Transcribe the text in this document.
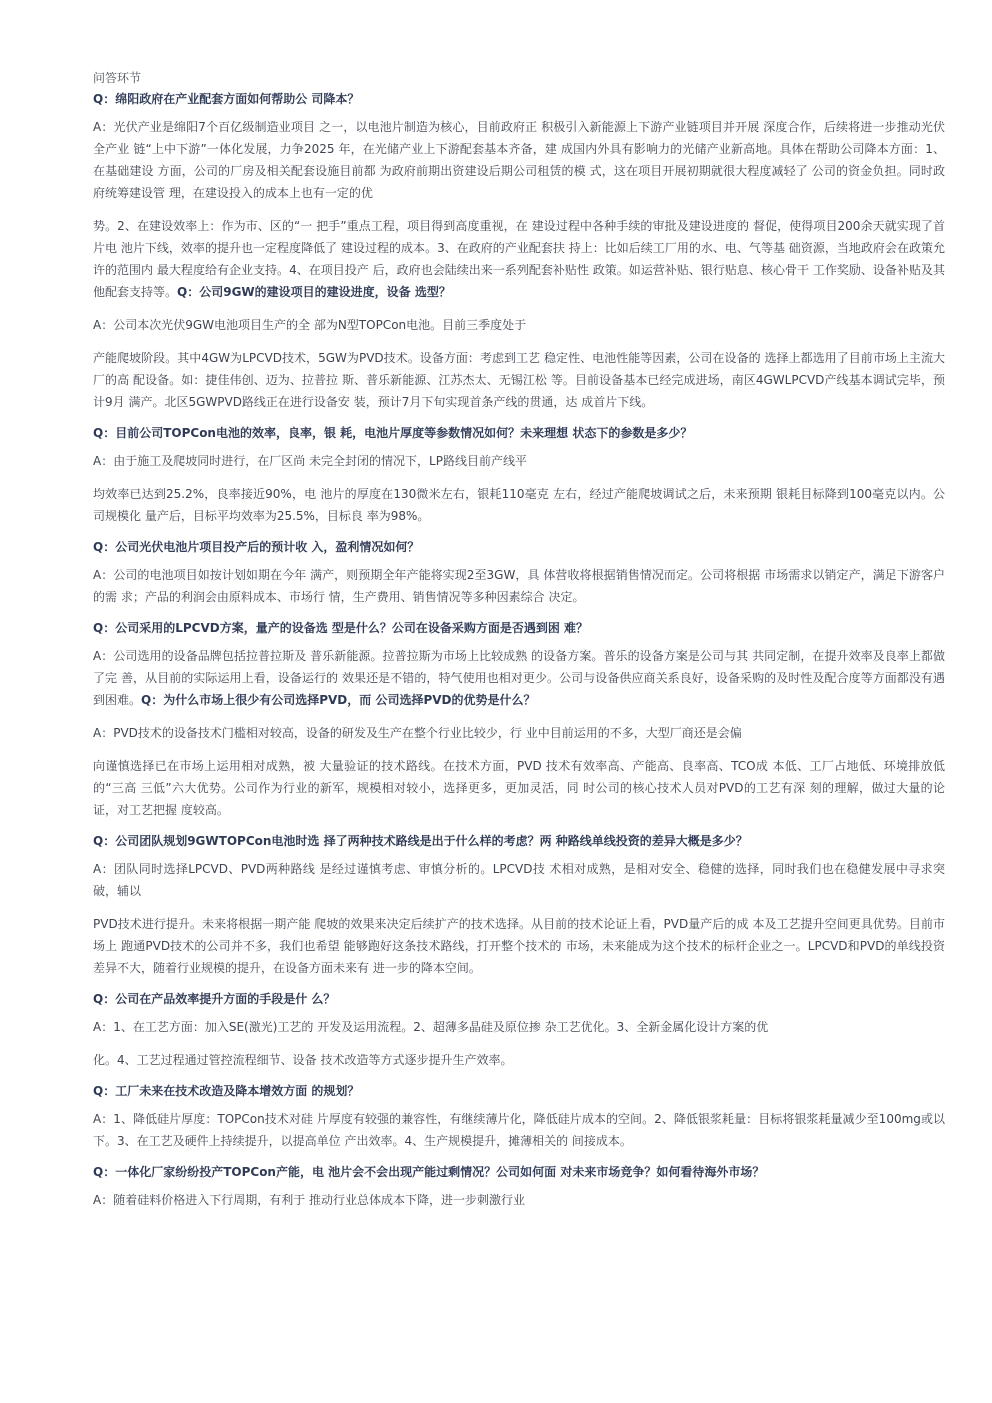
问答环节
Q：绵阳政府在产业配套方面如何帮助公 司降本？
A：光伏产业是绵阳7个百亿级制造业项目 之一，以电池片制造为核心，目前政府正 积极引入新能源上下游产业链项目并开展 深度合作，后续将进一步推动光伏全产业 链“上中下游”一体化发展，力争2025 年，在光储产业上下游配套基本齐备，建 成国内外具有影响力的光储产业新高地。具体在帮助公司降本方面：1、在基础建设 方面，公司的厂房及相关配套设施目前都 为政府前期出资建设后期公司租赁的模 式，这在项目开展初期就很大程度减轻了 公司的资金负担。同时政府统筹建设管 理，在建设投入的成本上也有一定的优
势。2、在建设效率上：作为市、区的“一 把手”重点工程，项目得到高度重视，在 建设过程中各种手续的审批及建设进度的 督促，使得项目200余天就实现了首片电 池片下线，效率的提升也一定程度降低了 建设过程的成本。3、在政府的产业配套扶 持上：比如后续工厂用的水、电、气等基 础资源，当地政府会在政策允许的范围内 最大程度给有企业支持。4、在项目投产 后，政府也会陆续出来一系列配套补贴性 政策。如运营补贴、银行贴息、核心骨干 工作奖励、设备补贴及其他配套支持等。Q：公司9GW的建设项目的建设进度，设备 选型？
A：公司本次光伏9GW电池项目生产的全 部为N型TOPCon电池。目前三季度处于
产能爬坡阶段。其中4GW为LPCVD技术，5GW为PVD技术。设备方面：考虑到工艺 稳定性、电池性能等因素，公司在设备的 选择上都选用了目前市场上主流大厂的高 配设备。如：捷佳伟创、迈为、拉普拉 斯、普乐新能源、江苏杰太、无锡江松 等。目前设备基本已经完成进场，南区4GWLPCVD产线基本调试完毕，预计9月 满产。北区5GWPVD路线正在进行设备安 装，预计7月下旬实现首条产线的贯通，达 成首片下线。
Q：目前公司TOPCon电池的效率，良率，银 耗，电池片厚度等参数情况如何？未来理想 状态下的参数是多少？
A：由于施工及爬坡同时进行，在厂区尚 未完全封闭的情况下，LP路线目前产线平
均效率已达到25.2%，良率接近90%，电 池片的厚度在130微米左右，银耗110毫克 左右，经过产能爬坡调试之后，未来预期 银耗目标降到100毫克以内。公司规模化 量产后，目标平均效率为25.5%，目标良 率为98%。
Q：公司光伏电池片项目投产后的预计收 入，盈利情况如何？
A：公司的电池项目如按计划如期在今年 满产，则预期全年产能将实现2至3GW，具 体营收将根据销售情况而定。公司将根据 市场需求以销定产，满足下游客户的需 求；产品的利润会由原料成本、市场行 情，生产费用、销售情况等多种因素综合 决定。
Q：公司采用的LPCVD方案，量产的设备选 型是什么？公司在设备采购方面是否遇到困 难？
A：公司选用的设备品牌包括拉普拉斯及 普乐新能源。拉普拉斯为市场上比较成熟 的设备方案。普乐的设备方案是公司与其 共同定制，在提升效率及良率上都做了完 善，从目前的实际运用上看，设备运行的 效果还是不错的，特气使用也相对更少。公司与设备供应商关系良好，设备采购的及时性及配合度等方面都没有遇到困难。Q：为什么市场上很少有公司选择PVD，而 公司选择PVD的优势是什么？
A：PVD技术的设备技术门槛相对较高，设备的研发及生产在整个行业比较少，行 业中目前运用的不多，大型厂商还是会偏
向谨慎选择已在市场上运用相对成熟，被 大量验证的技术路线。在技术方面，PVD 技术有效率高、产能高、良率高、TCO成 本低、工厂占地低、环境排放低的“三高 三低”六大优势。公司作为行业的新军，规模相对较小，选择更多，更加灵活，同 时公司的核心技术人员对PVD的工艺有深 刻的理解，做过大量的论证，对工艺把握 度较高。
Q：公司团队规划9GWTOPCon电池时选 择了两种技术路线是出于什么样的考虑？两 种路线单线投资的差异大概是多少？
A：团队同时选择LPCVD、PVD两种路线 是经过谨慎考虑、审慎分析的。LPCVD技 术相对成熟，是相对安全、稳健的选择，同时我们也在稳健发展中寻求突破，辅以
PVD技术进行提升。未来将根据一期产能 爬坡的效果来决定后续扩产的技术选择。从目前的技术论证上看，PVD量产后的成 本及工艺提升空间更具优势。目前市场上 跑通PVD技术的公司并不多，我们也希望 能够跑好这条技术路线，打开整个技术的 市场，未来能成为这个技术的标杆企业之一。LPCVD和PVD的单线投资差异不大，随着行业规模的提升，在设备方面未来有 进一步的降本空间。
Q：公司在产品效率提升方面的手段是什 么？
A：1、在工艺方面：加入SE(激光)工艺的 开发及运用流程。2、超薄多晶硅及原位掺 杂工艺优化。3、全新金属化设计方案的优
化。4、工艺过程通过管控流程细节、设备 技术改造等方式逐步提升生产效率。
Q：工厂未来在技术改造及降本增效方面 的规划？
A：1、降低硅片厚度：TOPCon技术对硅 片厚度有较强的兼容性，有继续薄片化，降低硅片成本的空间。2、降低银浆耗量：目标将银浆耗量减少至100mg或以下。3、在工艺及硬件上持续提升，以提高单位 产出效率。4、生产规模提升，摊薄相关的 间接成本。
Q：一体化厂家纷纷投产TOPCon产能，电 池片会不会出现产能过剩情况？公司如何面 对未来市场竞争？如何看待海外市场？
A：随着硅料价格进入下行周期，有利于 推动行业总体成本下降，进一步刺激行业
